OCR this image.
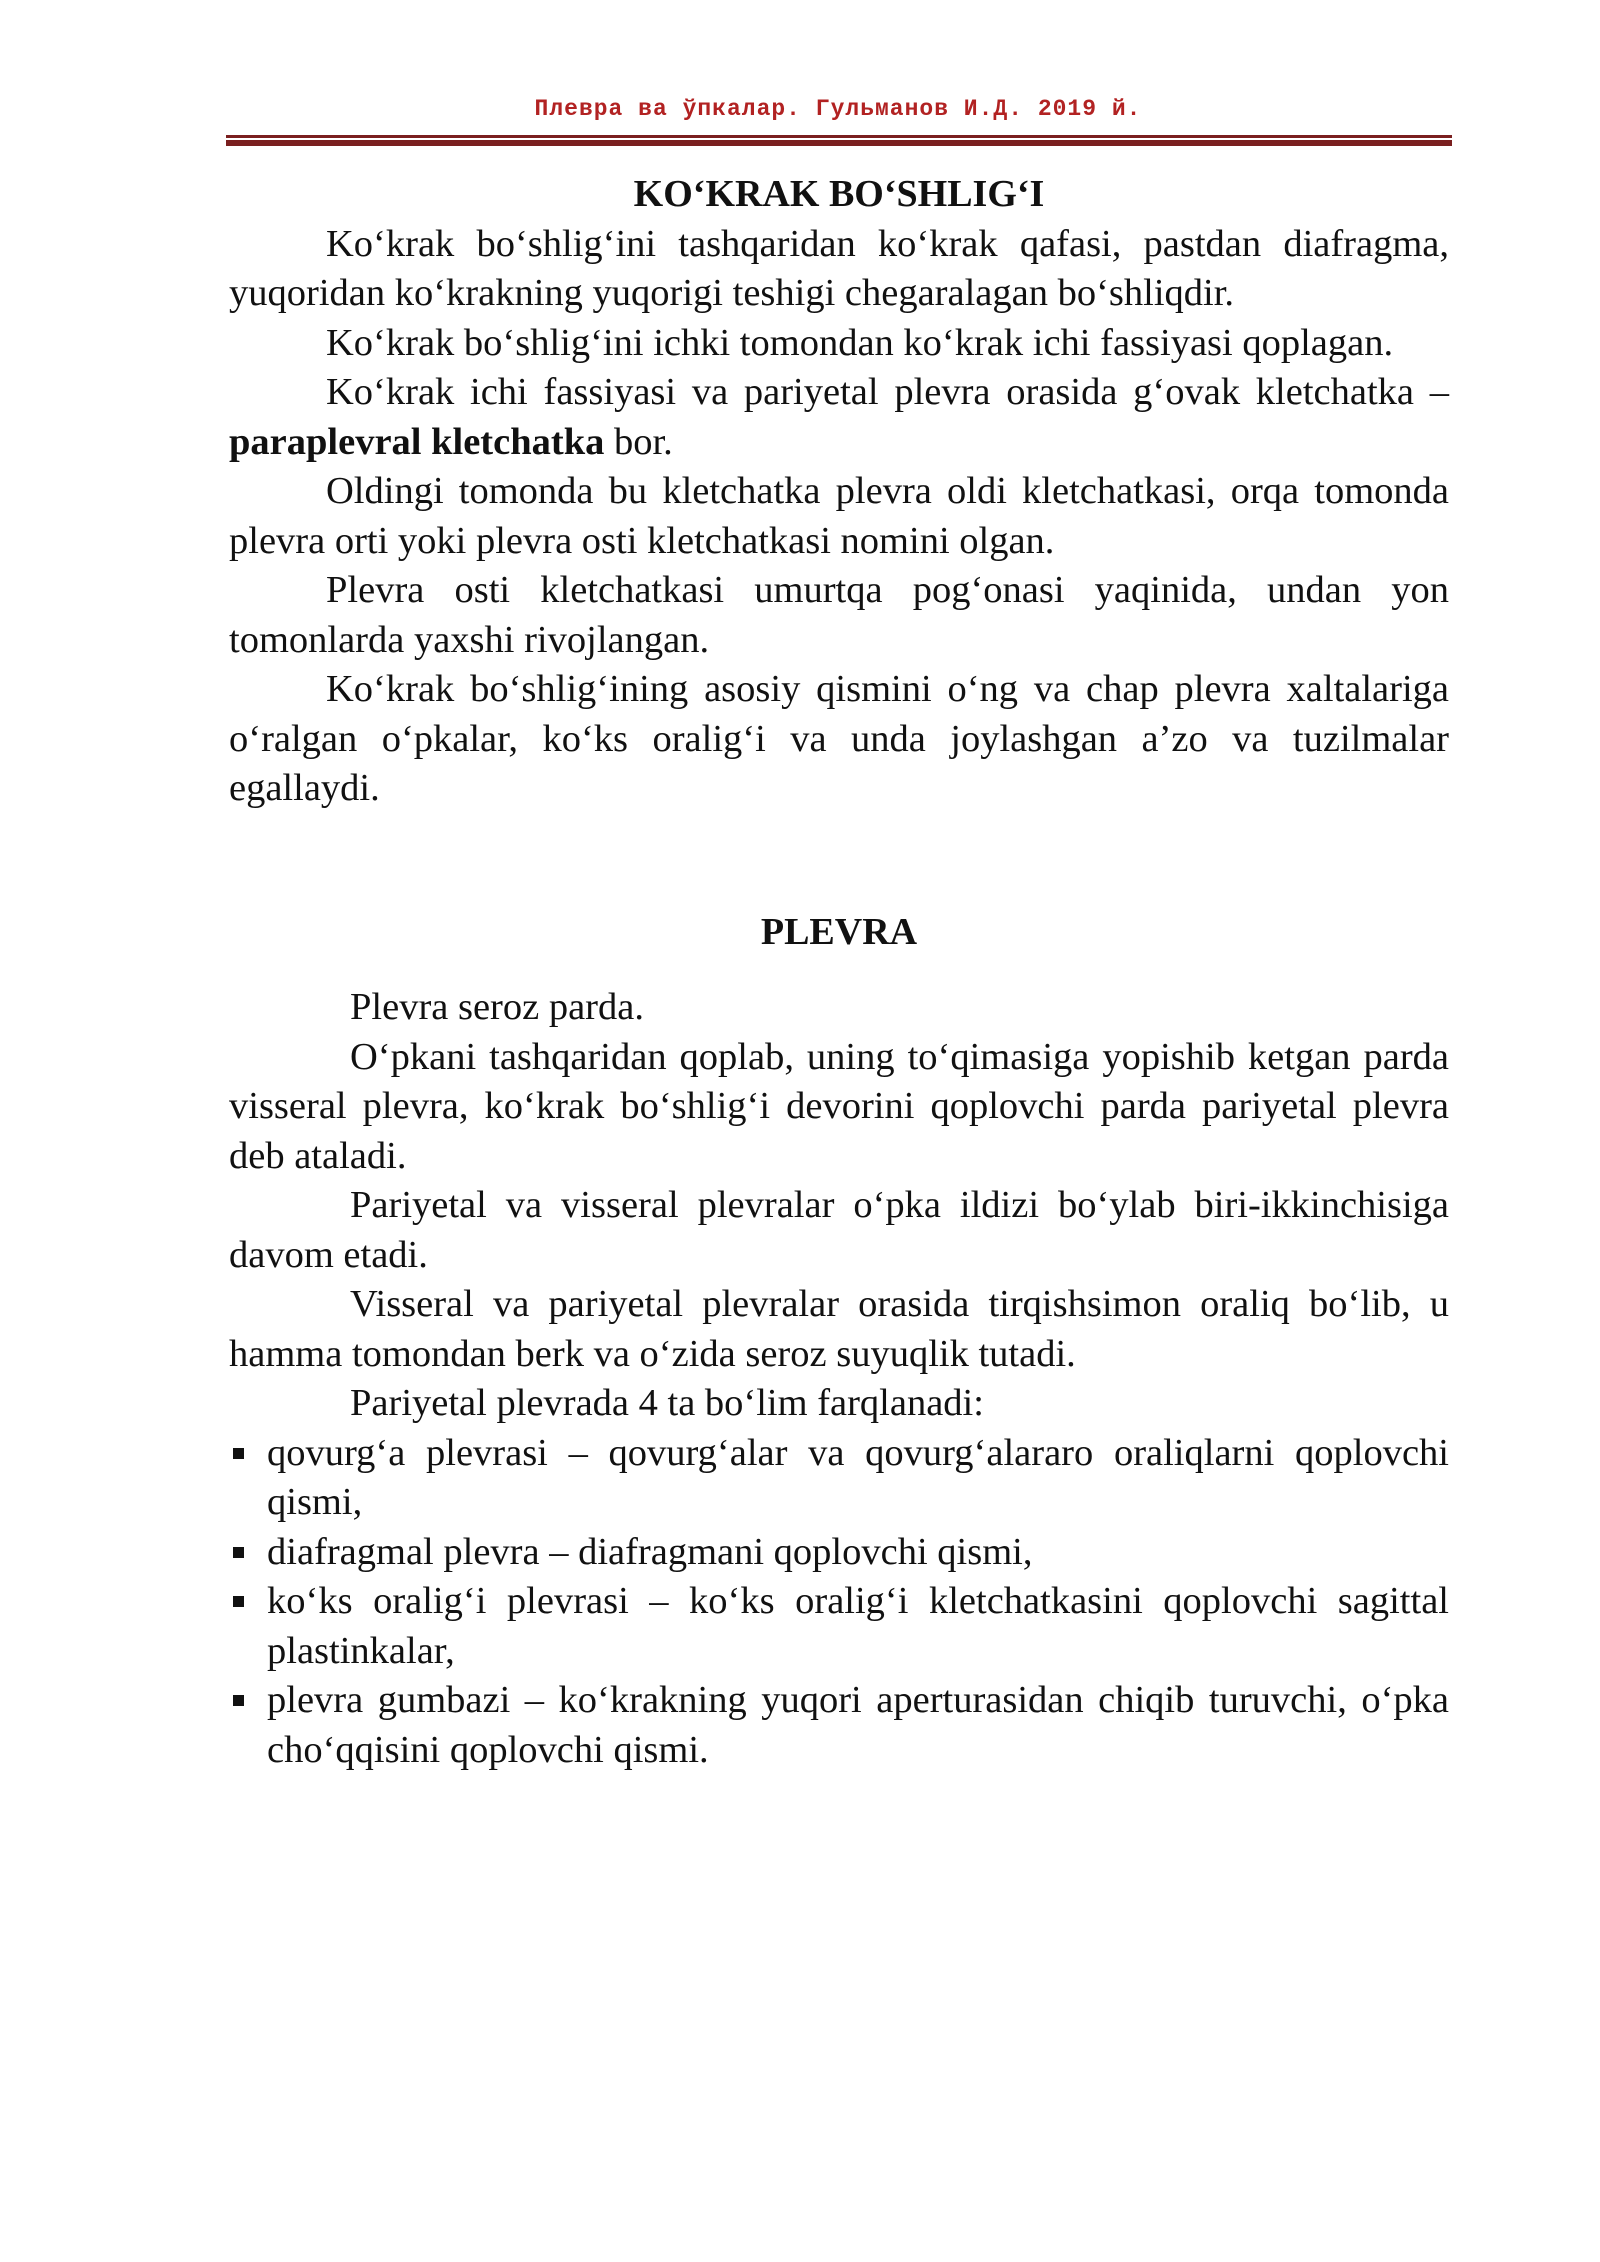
Плевра ва ўпкалар. Гульманов И.Д. 2019 й.
KO‘KRAK BO‘SHLIG‘I

Ko‘krak bo‘shlig‘ini tashqaridan ko‘krak qafasi, pastdan diafragma, yuqoridan ko‘krakning yuqorigi teshigi chegaralagan bo‘shliqdir.

Ko‘krak bo‘shlig‘ini ichki tomondan ko‘krak ichi fassiyasi qoplagan.

Ko‘krak ichi fassiyasi va pariyetal plevra orasida g‘ovak kletchatka – paraplevral kletchatka bor.

Oldingi tomonda bu kletchatka plevra oldi kletchatkasi, orqa tomonda plevra orti yoki plevra osti kletchatkasi nomini olgan.

Plevra osti kletchatkasi umurtqa pog‘onasi yaqinida, undan yon tomonlarda yaxshi rivojlangan.

Ko‘krak bo‘shlig‘ining asosiy qismini o‘ng va chap plevra xaltalariga o‘ralgan o‘pkalar, ko‘ks oralig‘i va unda joylashgan a’zo va tuzilmalar egallaydi.

PLEVRA

Plevra seroz parda.

O‘pkani tashqaridan qoplab, uning to‘qimasiga yopishib ketgan parda visseral plevra, ko‘krak bo‘shlig‘i devorini qoplovchi parda pariyetal plevra deb ataladi.

Pariyetal va visseral plevralar o‘pka ildizi bo‘ylab biri-ikkinchisiga davom etadi.

Visseral va pariyetal plevralar orasida tirqishsimon oraliq bo‘lib, u hamma tomondan berk va o‘zida seroz suyuqlik tutadi.

Pariyetal plevrada 4 ta bo‘lim farqlanadi:

qovurg‘a plevrasi – qovurg‘alar va qovurg‘alararo oraliqlarni qoplovchi qismi,
diafragmal plevra – diafragmani qoplovchi qismi,
ko‘ks oralig‘i plevrasi – ko‘ks oralig‘i kletchatkasini qoplovchi sagittal plastinkalar,
plevra gumbazi – ko‘krakning yuqori aperturasidan chiqib turuvchi, o‘pka cho‘qqisini qoplovchi qismi.
